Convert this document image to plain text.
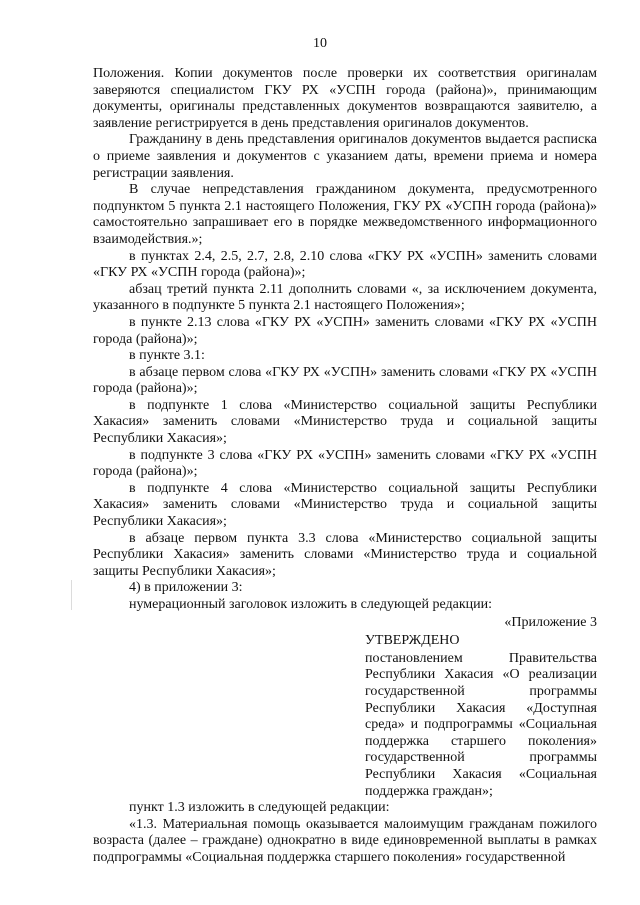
10

Положения. Копии документов после проверки их соответствия оригиналам заверяются специалистом ГКУ РХ «УСПН города (района)», принимающим документы, оригиналы представленных документов возвращаются заявителю, а заявление регистрируется в день представления оригиналов документов.

Гражданину в день представления оригиналов документов выдается расписка о приеме заявления и документов с указанием даты, времени приема и номера регистрации заявления.

В случае непредставления гражданином документа, предусмотренного подпунктом 5 пункта 2.1 настоящего Положения, ГКУ РХ «УСПН города (района)» самостоятельно запрашивает его в порядке межведомственного информационного взаимодействия.»;

в пунктах 2.4, 2.5, 2.7, 2.8, 2.10 слова «ГКУ РХ «УСПН» заменить словами «ГКУ РХ «УСПН города (района)»;

абзац третий пункта 2.11 дополнить словами «, за исключением документа, указанного в подпункте 5 пункта 2.1 настоящего Положения»;

в пункте 2.13 слова «ГКУ РХ «УСПН» заменить словами «ГКУ РХ «УСПН города (района)»;

в пункте 3.1:

в абзаце первом слова «ГКУ РХ «УСПН» заменить словами «ГКУ РХ «УСПН города (района)»;

в подпункте 1 слова «Министерство социальной защиты Республики Хакасия» заменить словами «Министерство труда и социальной защиты Республики Хакасия»;

в подпункте 3 слова «ГКУ РХ «УСПН» заменить словами «ГКУ РХ «УСПН города (района)»;

в подпункте 4 слова «Министерство социальной защиты Республики Хакасия» заменить словами «Министерство труда и социальной защиты Республики Хакасия»;

в абзаце первом пункта 3.3 слова «Министерство социальной защиты Республики Хакасия» заменить словами «Министерство труда и социальной защиты Республики Хакасия»;

4) в приложении 3:

нумерационный заголовок изложить в следующей редакции:

«Приложение 3

УТВЕРЖДЕНО

постановлением Правительства Республики Хакасия «О реализации государственной программы Республики Хакасия «Доступная среда» и подпрограммы «Социальная поддержка старшего поколения» государственной программы Республики Хакасия «Социальная поддержка граждан»;

пункт 1.3 изложить в следующей редакции:

«1.3. Материальная помощь оказывается малоимущим гражданам пожилого возраста (далее – граждане) однократно в виде единовременной выплаты в рамках подпрограммы «Социальная поддержка старшего поколения» государственной
